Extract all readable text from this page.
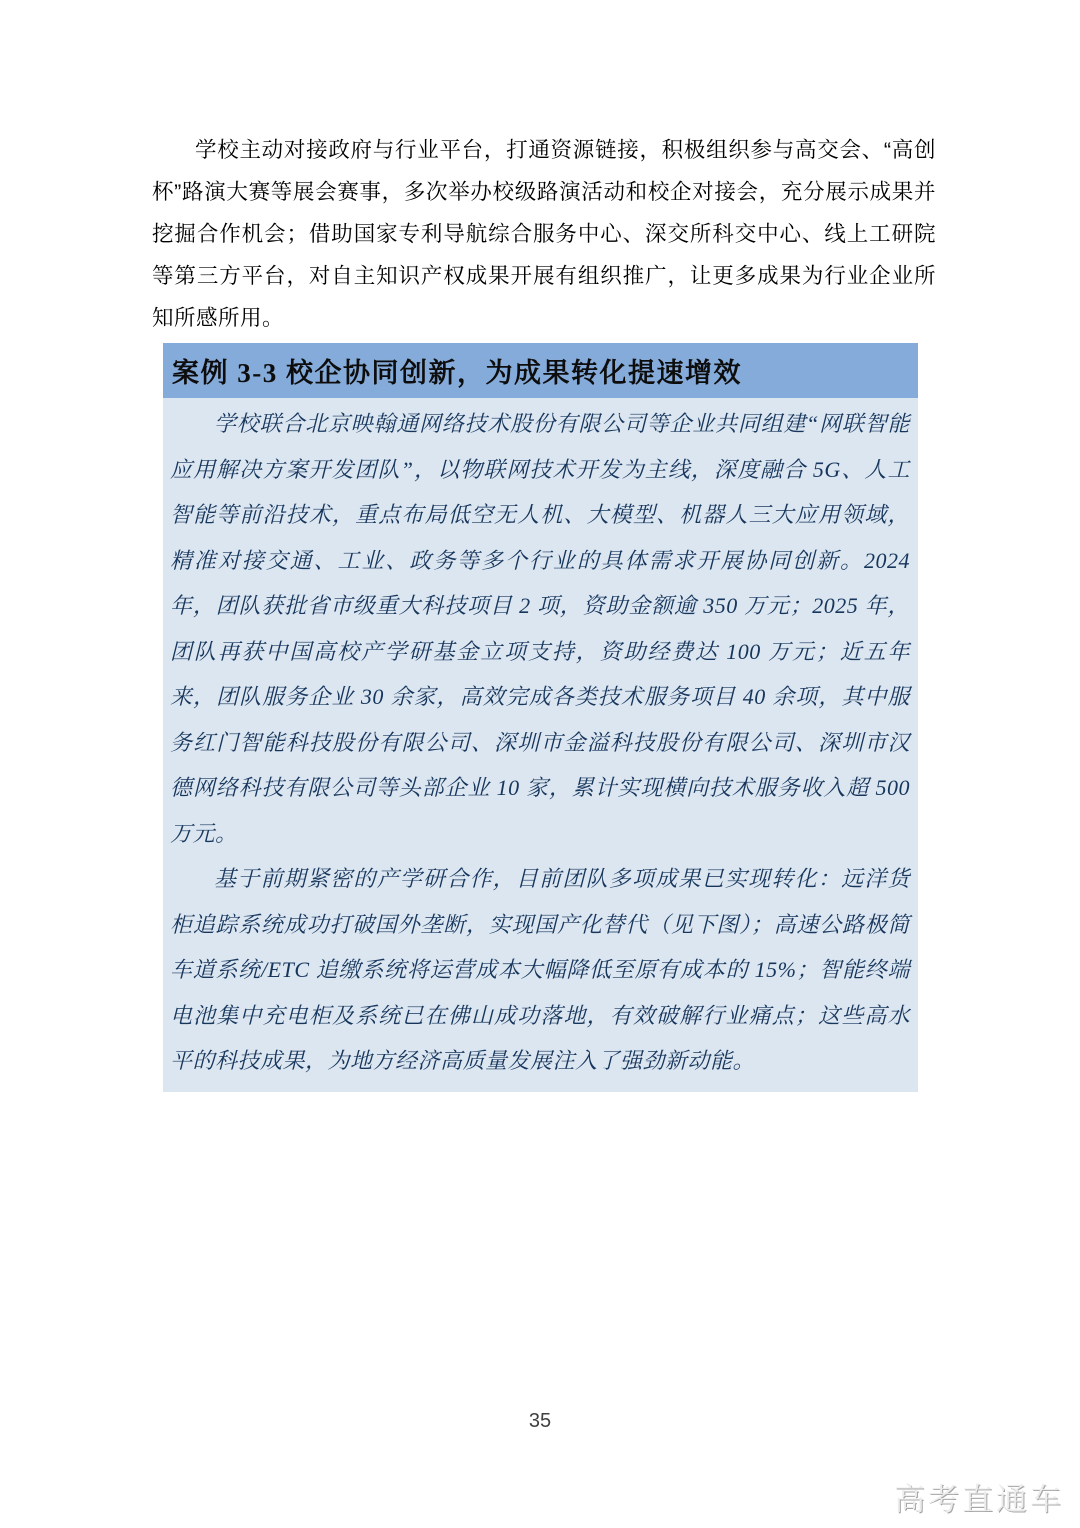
学校主动对接政府与行业平台，打通资源链接，积极组织参与高交会、“高创杯”路演大赛等展会赛事，多次举办校级路演活动和校企对接会，充分展示成果并挖掘合作机会；借助国家专利导航综合服务中心、深交所科交中心、线上工研院等第三方平台，对自主知识产权成果开展有组织推广，让更多成果为行业企业所知所感所用。

案例 3-3 校企协同创新，为成果转化提速增效

学校联合北京映翰通网络技术股份有限公司等企业共同组建“网联智能应用解决方案开发团队”，以物联网技术开发为主线，深度融合 5G、人工智能等前沿技术，重点布局低空无人机、大模型、机器人三大应用领域，精准对接交通、工业、政务等多个行业的具体需求开展协同创新。2024 年，团队获批省市级重大科技项目 2 项，资助金额逾 350 万元；2025 年，团队再获中国高校产学研基金立项支持，资助经费达 100 万元；近五年来，团队服务企业 30 余家，高效完成各类技术服务项目 40 余项，其中服务红门智能科技股份有限公司、深圳市金溢科技股份有限公司、深圳市汉德网络科技有限公司等头部企业 10 家，累计实现横向技术服务收入超 500 万元。

基于前期紧密的产学研合作，目前团队多项成果已实现转化：远洋货柜追踪系统成功打破国外垄断，实现国产化替代（见下图）；高速公路极简车道系统/ETC 追缴系统将运营成本大幅降低至原有成本的 15%；智能终端电池集中充电柜及系统已在佛山成功落地，有效破解行业痛点；这些高水平的科技成果，为地方经济高质量发展注入了强劲新动能。

35
高考直通车
